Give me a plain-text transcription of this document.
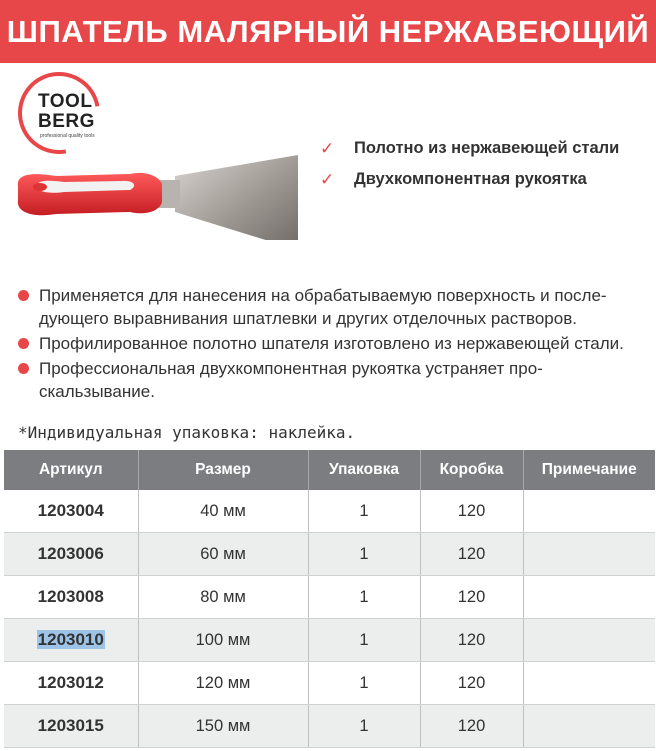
ШПАТЕЛЬ МАЛЯРНЫЙ НЕРЖАВЕЮЩИЙ
TOOL
BERG
professional quality tools
✓	Полотно из нержавеющей стали
✓	Двухкомпонентная рукоятка
Применяется для нанесения на обрабатываемую поверхность и после-дующего выравнивания шпатлевки и других отделочных растворов.
Профилированное полотно шпателя изготовлено из нержавеющей стали.
Профессиональная двухкомпонентная рукоятка устраняет про-скальзывание.
*Индивидуальная упаковка: наклейка.
Артикул	Размер	Упаковка	Коробка	Примечание
1203004	40 мм	1	120	
1203006	60 мм	1	120	
1203008	80 мм	1	120	
1203010	100 мм	1	120	
1203012	120 мм	1	120	
1203015	150 мм	1	120	
